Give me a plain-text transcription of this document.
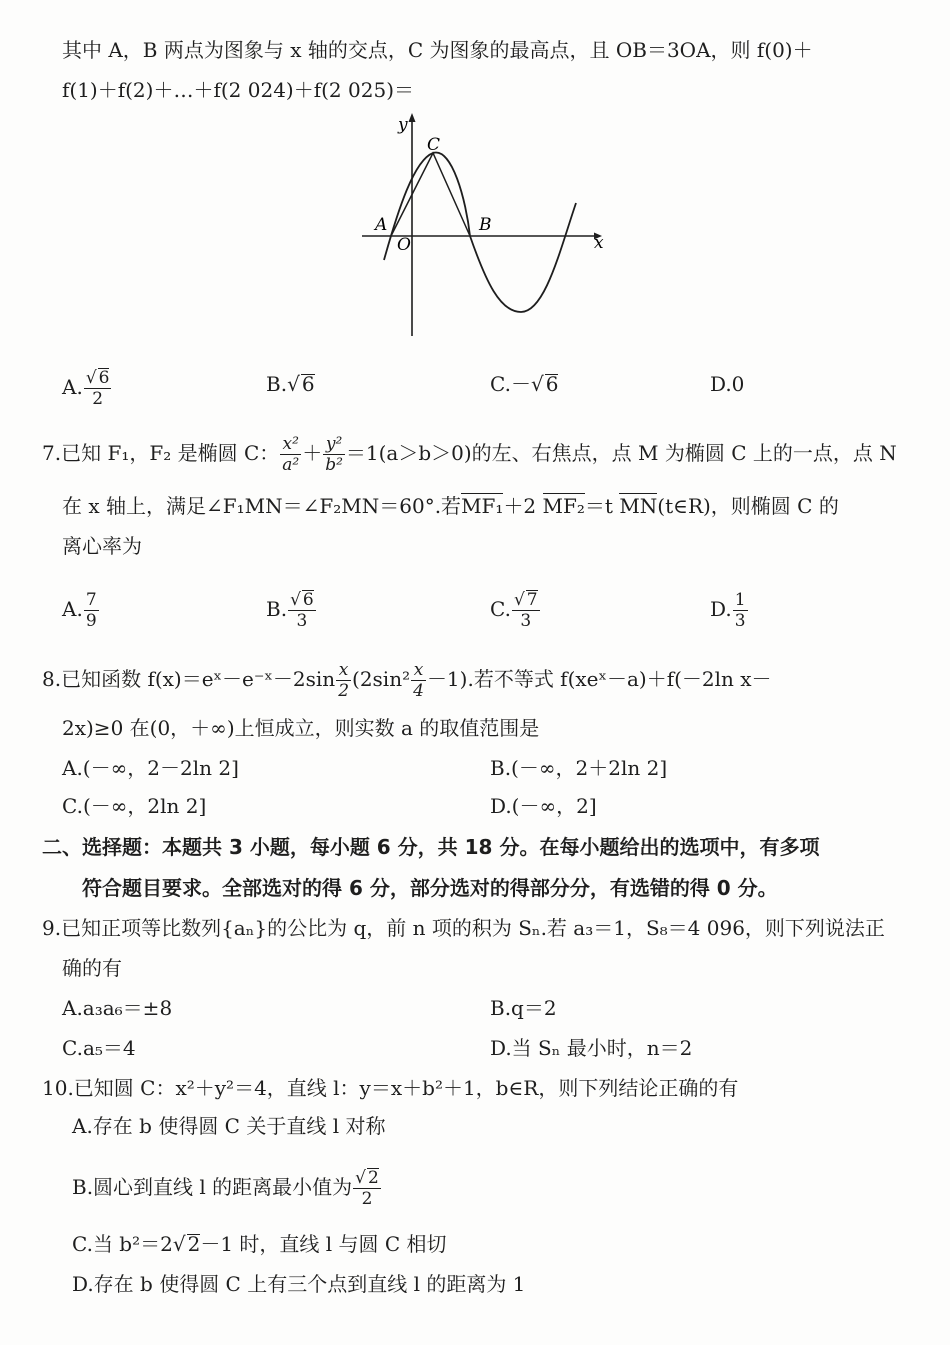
其中 A，B 两点为图象与 x 轴的交点，C 为图象的最高点，且 OB＝3OA，则 f(0)＋
f(1)＋f(2)＋…＋f(2 024)＋f(2 025)＝
y
x
A
O
B
C
A. $\frac{√ 6}{2}$	B.√ 6	C.－√ 6	D.0
7.已知 F₁，F₂ 是椭圆 C： $\frac{\text{x²}}{\text{a²}} + \frac{\text{y²}}{\text{b²}} =1(a>b>0)$的左、右焦点，点 M 为椭圆 C 上的一点，点 N
在 x 轴上，满足∠F₁MN＝∠F₂MN＝60°.若MF₁＋2 MF₂＝t MN(t∈R)，则椭圆 C 的
离心率为
A. $\frac{7}{9}$	B. $\frac{√ 6}{3}$	C. $\frac{√ 7}{3}$	D. $\frac{1}{3}$
8.已知函数 f(x)＝eˣ－e⁻ˣ－2sin $\frac{x}{2} (2\sin^2 \frac{x}{4} -1)$.若不等式 f(xeˣ－a)＋f(－2ln x－
2x)≥0 在(0，＋∞)上恒成立，则实数 a 的取值范围是
A.(－∞，2－2ln 2]	B.(－∞，2＋2ln 2]
C.(－∞，2ln 2]	D.(－∞，2]
二、选择题：本题共 3 小题，每小题 6 分，共 18 分。在每小题给出的选项中，有多项
符合题目要求。全部选对的得 6 分，部分选对的得部分分，有选错的得 0 分。
9.已知正项等比数列{aₙ}的公比为 q，前 n 项的积为 Sₙ.若 a₃＝1，S₈＝4 096，则下列说法正
确的有
A.a₃a₆＝±8	B.q＝2
C.a₅＝4	D.当 Sₙ 最小时，n＝2
10.已知圆 C：x²＋y²＝4，直线 l：y＝x＋b²＋1，b∈R，则下列结论正确的有
A.存在 b 使得圆 C 关于直线 l 对称
B.圆心到直线 l 的距离最小值为 $\frac{√ 2}{2}$
C.当 b²＝2√ 2－1 时，直线 l 与圆 C 相切
D.存在 b 使得圆 C 上有三个点到直线 l 的距离为 1
